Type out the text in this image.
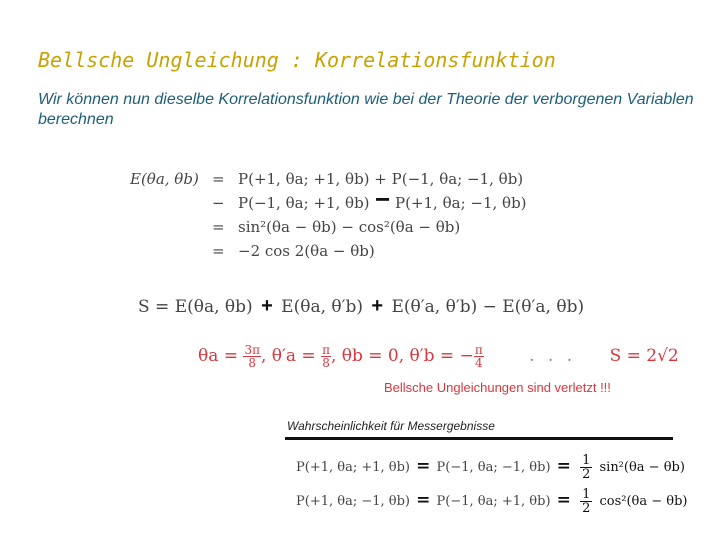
Bellsche Ungleichung : Korrelationsfunktion
Wir können nun dieselbe Korrelationsfunktion wie bei der Theorie der verborgenen Variablen berechnen
E(θa, θb) = P(+1, θa; +1, θb) + P(−1, θa; −1, θb)
− P(−1, θa; +1, θb) − P(+1, θa; −1, θb)
= sin²(θa − θb) − cos²(θa − θb)
= −2 cos 2(θa − θb)
S = E(θa, θb) + E(θa, θ′b) + E(θ′a, θ′b) − E(θ′a, θb)
$\theta a = \frac{3\pi}{8}$ , $\theta'a = \frac{\pi}{8}$ , θb = 0, θ′b = − $\frac{\pi}{4}$	. . . S = 2√2
Bellsche Ungleichungen sind verletzt !!!
Wahrscheinlichkeit für Messergebnisse
P(+1, θa; +1, θb) = P(−1, θa; −1, $\theta b) = \frac{1}{2} \sin^2(\theta a - \theta b)$
P(+1, θa; −1, θb) = P(−1, θa; +1, $\theta b) = \frac{1}{2} \cos^2(\theta a - \theta b)$
